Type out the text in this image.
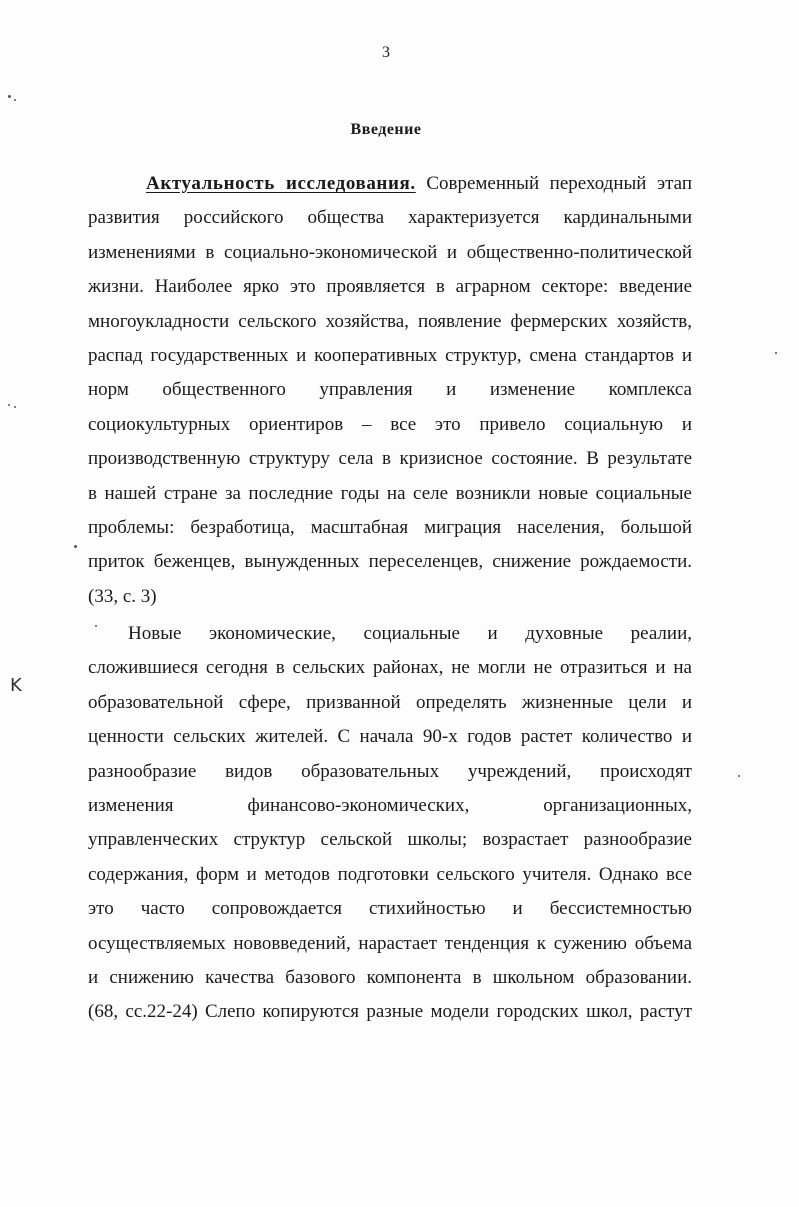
3
Введение
Актуальность исследования. Современный переходный этап
развития российского общества характеризуется кардинальными
изменениями в социально-экономической и общественно-политической
жизни. Наиболее ярко это проявляется в аграрном секторе: введение
многоукладности сельского хозяйства, появление фермерских хозяйств,
распад государственных и кооперативных структур, смена стандартов и
норм общественного управления и изменение комплекса
социокультурных ориентиров – все это привело социальную и
производственную структуру села в кризисное состояние. В результате
в нашей стране за последние годы на селе возникли новые социальные
проблемы: безработица, масштабная миграция населения, большой
приток беженцев, вынужденных переселенцев, снижение рождаемости.
(33, с. 3)
Новые экономические, социальные и духовные реалии,
сложившиеся сегодня в сельских районах, не могли не отразиться и на
образовательной сфере, призванной определять жизненные цели и
ценности сельских жителей. С начала 90-х годов растет количество и
разнообразие видов образовательных учреждений, происходят
изменения финансово-экономических, организационных,
управленческих структур сельской школы; возрастает разнообразие
содержания, форм и методов подготовки сельского учителя. Однако все
это часто сопровождается стихийностью и бессистемностью
осуществляемых нововведений, нарастает тенденция к сужению объема
и снижению качества базового компонента в школьном образовании.
(68, сс.22-24) Слепо копируются разные модели городских школ, растут
K
